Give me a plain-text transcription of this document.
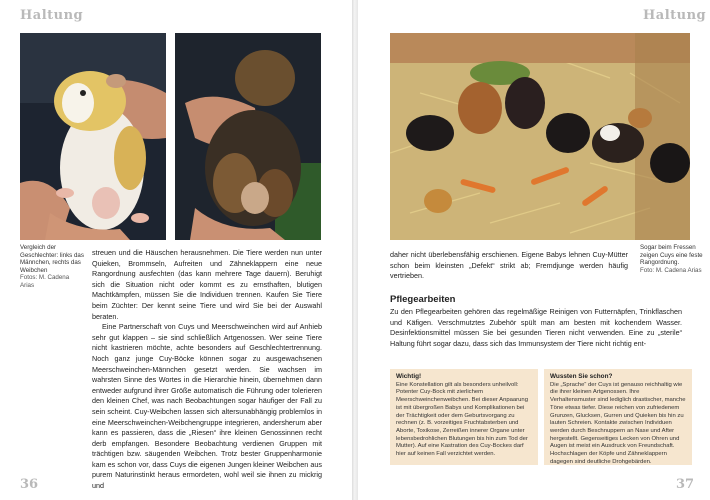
Haltung
Vergleich der Geschlechter: links das Männchen, rechts das Weibchen
Fotos: M. Cadena Arias

streuen und die Häuschen herausnehmen. Die Tiere werden nun unter Quieken, Brommseln, Aufreiten und Zähneklappern eine neue Rangordnung ausfechten (das kann mehrere Tage dauern). Beruhigt sich die Situation nicht oder kommt es zu ernsthaften, blutigen Machtkämpfen, müssen Sie die Individuen trennen. Kaufen Sie Tiere beim Züchter: Der kennt seine Tiere und wird Sie bei der Auswahl beraten.

Eine Partnerschaft von Cuys und Meerschweinchen wird auf Anhieb sehr gut klappen – sie sind schließlich Artgenossen. Wer seine Tiere nicht kastrieren möchte, achte besonders auf Geschlechtertrennung. Noch ganz junge Cuy-Böcke können sogar zu ausgewachsenen Meerschweinchen-Männchen gesetzt werden. Sie wachsen im wahrsten Sinne des Wortes in die Hierarchie hinein, übernehmen dann entweder aufgrund ihrer Größe automatisch die Führung oder tolerieren den kleinen Chef, was nach Beobachtungen sogar häufiger der Fall zu sein scheint. Cuy-Weibchen lassen sich altersunabhängig problemlos in eine Meerschweinchen-Weibchengruppe integrieren, andersherum aber kann es passieren, dass die „Riesen“ ihre kleinen Genossinnen recht derb empfangen. Besondere Beobachtung verdienen Gruppen mit trächtigen bzw. säugenden Weibchen. Trotz bester Gruppenharmonie kam es schon vor, dass Cuys die eigenen Jungen kleiner Weibchen aus purem Naturinstinkt heraus ermordeten, wohl weil sie ihnen zu mickrig und

36
Haltung
Sogar beim Fressen zeigen Cuys eine feste Rangordnung.
Foto: M. Cadena Arias

daher nicht überlebensfähig erschienen. Eigene Babys lehnen Cuy-Mütter schon beim kleinsten „Defekt“ strikt ab; Fremdjunge werden häufig vertrieben.

Pflegearbeiten

Zu den Pflegearbeiten gehören das regelmäßige Reinigen von Futternäpfen, Trinkflaschen und Käfigen. Verschmutztes Zubehör spült man am besten mit kochendem Wasser. Desinfektionsmittel müssen Sie bei gesunden Tieren nicht verwenden. Eine zu „sterile“ Haltung führt sogar dazu, dass sich das Immunsystem der Tiere nicht richtig ent-

Wichtig!
Eine Konstellation gilt als besonders unheilvoll: Potenter Cuy-Bock mit zierlichem Meerschweinchenweibchen. Bei dieser Anpaarung ist mit übergroßen Babys und Komplikationen bei der Trächtigkeit oder dem Geburtsvorgang zu rechnen (z. B. vorzeitiges Fruchtabsterben und Aborte, Toxikose, Zerreißen innerer Organe unter lebensbedrohlichen Blutungen bis hin zum Tod der Mutter). Auf eine Kastration des Cuy-Bockes darf hier auf keinen Fall verzichtet werden.
Wussten Sie schon?
Die „Sprache“ der Cuys ist genauso reichhaltig wie die ihrer kleinen Artgenossen. Ihre Verhaltensmuster sind lediglich drastischer, manche Töne etwas tiefer. Diese reichen von zufriedenem Grunzen, Glucksen, Gurren und Quieken bis hin zu lauten Schreien. Kontakte zwischen Individuen werden durch Beschnuppern an Nase und After hergestellt. Gegenseitiges Lecken von Ohren und Augen ist meist ein Ausdruck von Freundschaft. Hochschlagen der Köpfe und Zähneklappern dagegen sind deutliche Drohgebärden.
37
